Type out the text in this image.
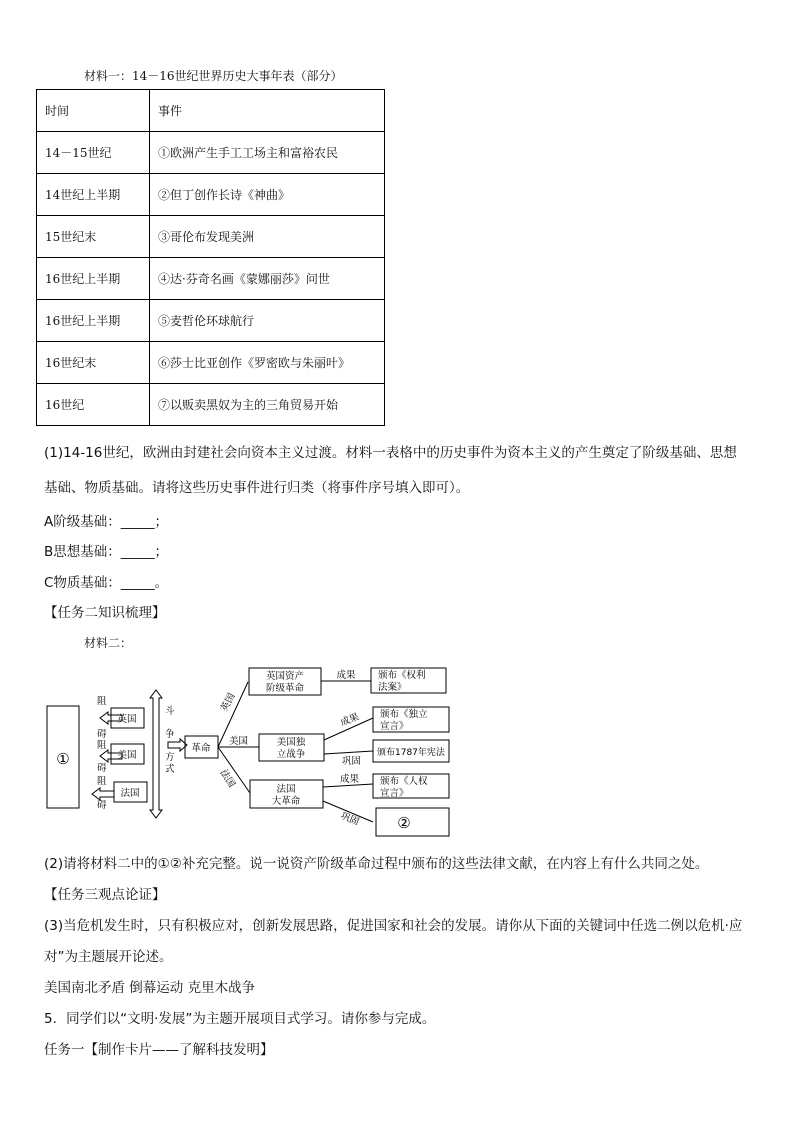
材料一：14－16世纪世界历史大事年表（部分）
时间	事件
14－15世纪	①欧洲产生手工工场主和富裕农民
14世纪上半期	②但丁创作长诗《神曲》
15世纪末	③哥伦布发现美洲
16世纪上半期	④达·芬奇名画《蒙娜丽莎》问世
16世纪上半期	⑤麦哲伦环球航行
16世纪末	⑥莎士比亚创作《罗密欧与朱丽叶》
16世纪	⑦以贩卖黑奴为主的三角贸易开始
(1)14-16世纪，欧洲由封建社会向资本主义过渡。材料一表格中的历史事件为资本主义的产生奠定了阶级基础、思想
基础、物质基础。请将这些历史事件进行归类（将事件序号填入即可）。
A阶级基础：_____；
B思想基础：_____；
C物质基础：_____。
【任务二知识梳理】
材料二：
①
阻
碍
阻
碍
阻
碍
英国
美国
法国
斗
争
方
式
革命
英国
美国
法国
英国资产
阶级革命
成果 颁布《权利
法案》
美国独
立战争
成果
巩固
颁布《独立
宣言》
颁布1787年宪法
法国
大革命
成果
巩固
颁布《人权
宣言》
②
(2)请将材料二中的①②补充完整。说一说资产阶级革命过程中颁布的这些法律文献，在内容上有什么共同之处。
【任务三观点论证】
(3)当危机发生时，只有积极应对，创新发展思路，促进国家和社会的发展。请你从下面的关键词中任选二例以危机·应
对”为主题展开论述。
美国南北矛盾 倒幕运动 克里木战争
5．同学们以“文明·发展”为主题开展项目式学习。请你参与完成。
任务一【制作卡片——了解科技发明】
